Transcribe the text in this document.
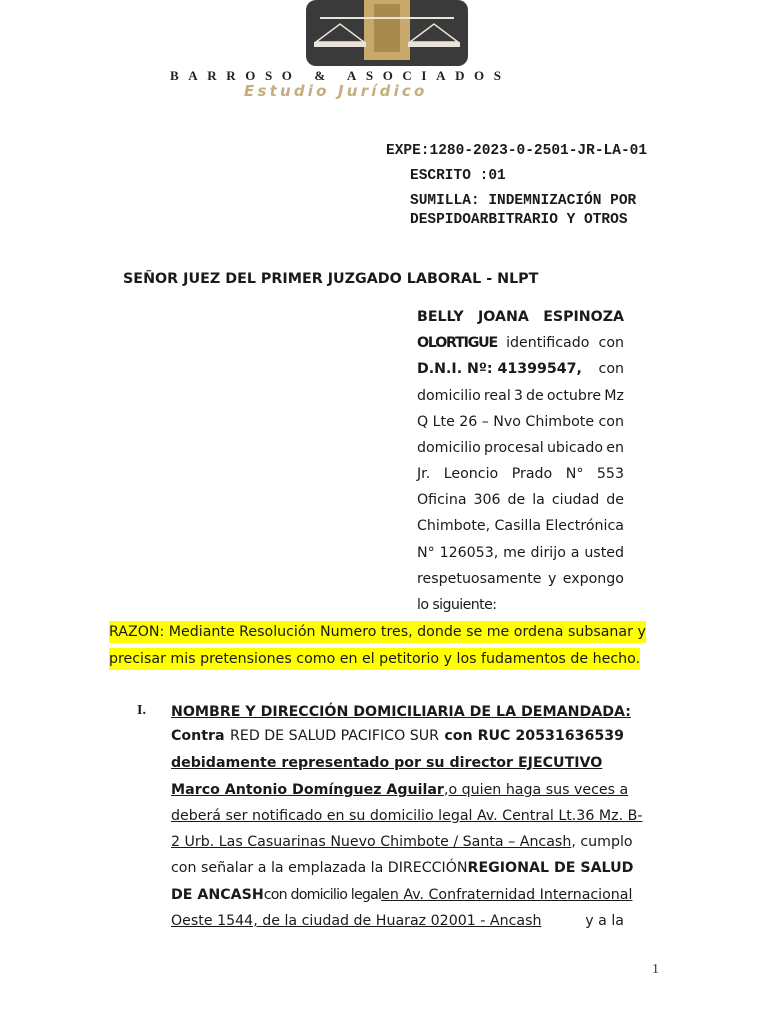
BARROSO & ASOCIADOS
Estudio Jurídico
EXPE:1280-2023-0-2501-JR-LA-01
ESCRITO :01
SUMILLA: INDEMNIZACIÓN POR DESPIDOARBITRARIO Y OTROS
SEÑOR JUEZ DEL PRIMER JUZGADO LABORAL - NLPT
BELLY JOANA ESPINOZA
OLORTIGUE identificado con
D.N.I. Nº: 41399547, con
domicilio real 3 de octubre Mz
Q Lte 26 – Nvo Chimbote con
domicilio procesal ubicado en
Jr. Leoncio Prado N° 553
Oficina 306 de la ciudad de
Chimbote, Casilla Electrónica
N° 126053, me dirijo a usted
respetuosamente y expongo
lo siguiente:
RAZON: Mediante Resolución Numero tres, donde se me ordena subsanar y
precisar mis pretensiones como en el petitorio y los fudamentos de hecho.
I. NOMBRE Y DIRECCIÓN DOMICILIARIA DE LA DEMANDADA:
Contra RED DE SALUD PACIFICO SUR con RUC 20531636539
debidamente representado por su director EJECUTIVO
Marco Antonio Domínguez Aguilar, o quien haga sus veces a
deberá ser notificado en su domicilio legal Av. Central Lt.36 Mz. B-
2 Urb. Las Casuarinas Nuevo Chimbote / Santa – Ancash, cumplo
con señalar a la emplazada la DIRECCIÓN REGIONAL DE SALUD
DE ANCASH con domicilio legal en Av. Confraternidad Internacional
Oeste 1544, de la ciudad de Huaraz 02001 - Ancash	y a la
1
